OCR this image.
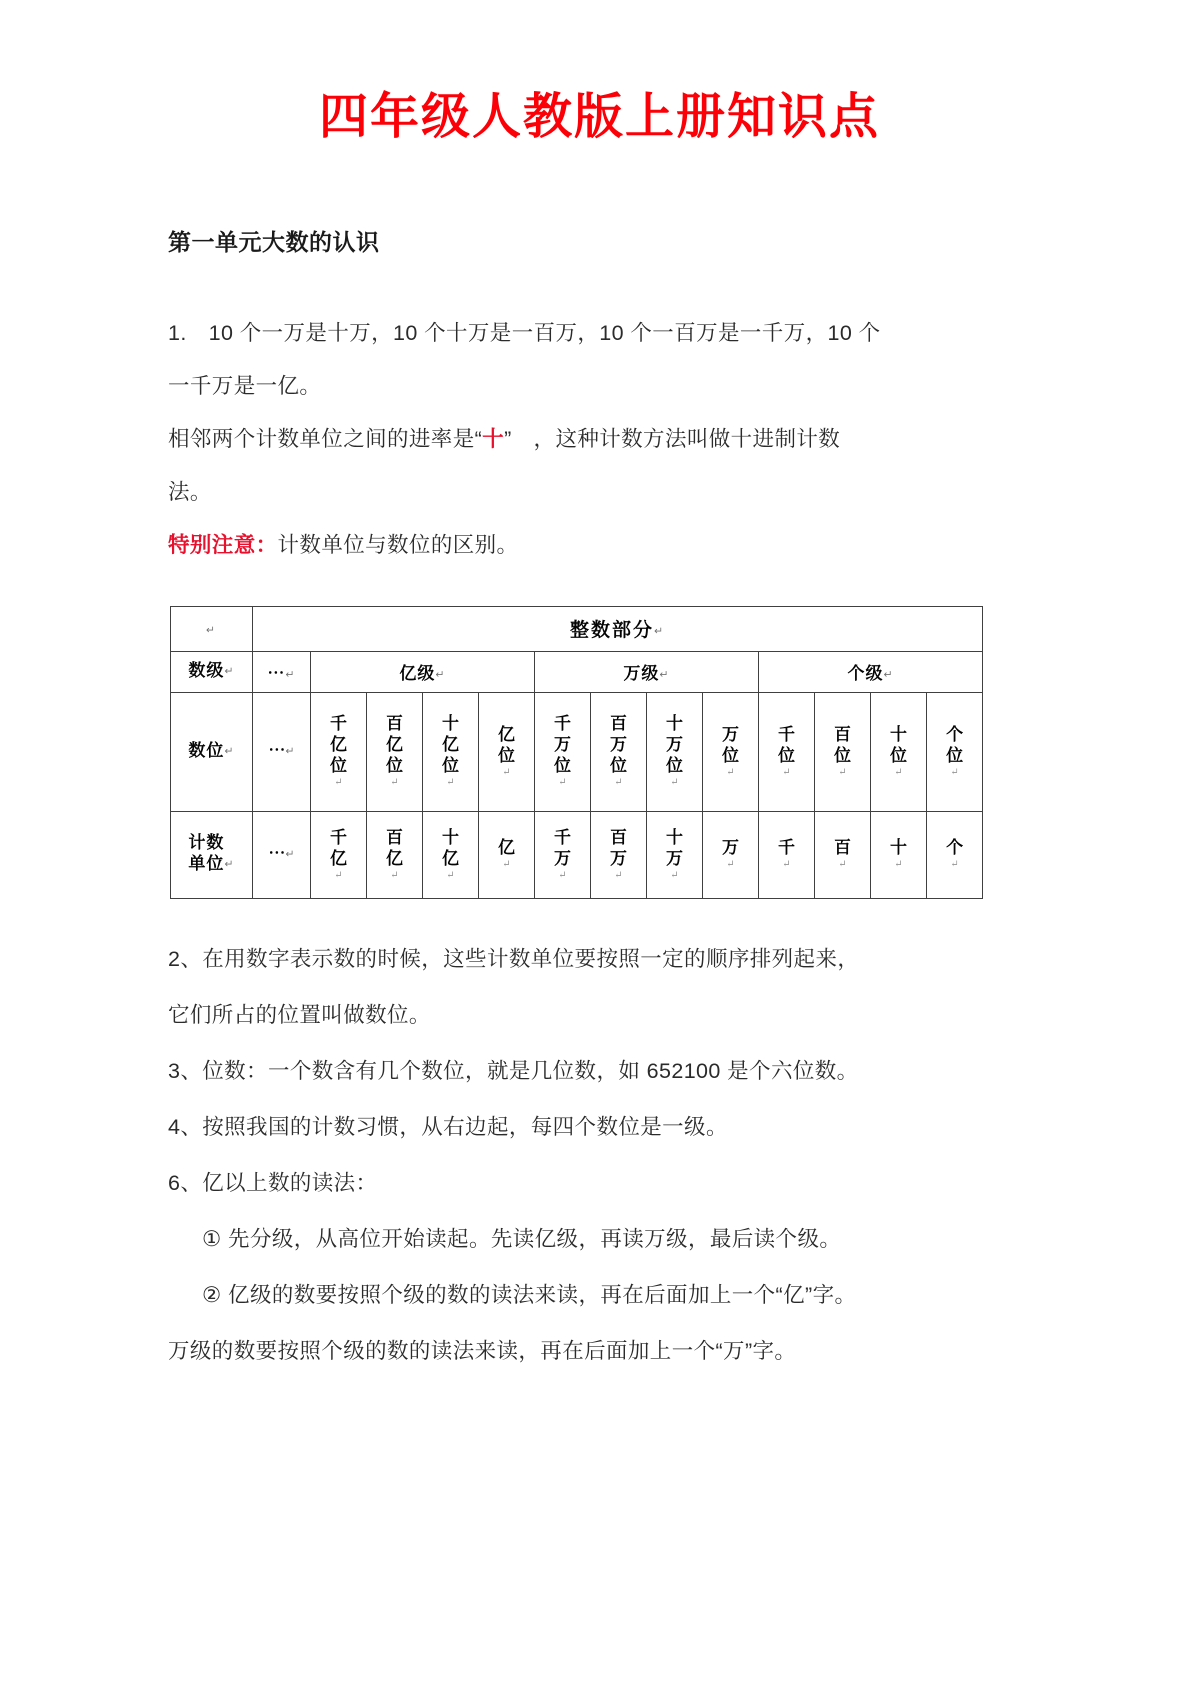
四年级人教版上册知识点
第一单元大数的认识
1.　10 个一万是十万，10 个十万是一百万，10 个一百万是一千万，10 个
一千万是一亿。
相邻两个计数单位之间的进率是“十”　，这种计数方法叫做十进制计数
法。
特别注意：计数单位与数位的区别。
↵	整数部分↵												
数级↵	⋯↵	亿级↵				万级↵				个级↵			
数位↵	⋯↵	千
亿
位
↵	百
亿
位
↵	十
亿
位
↵	亿
位
↵	千
万
位
↵	百
万
位
↵	十
万
位
↵	万
位
↵	千
位
↵	百
位
↵	十
位
↵	个
位
↵

计数
单位 ↵	⋯↵	千
亿
↵	百
亿
↵	十
亿
↵	亿
↵	千
万
↵	百
万
↵	十
万
↵	万
↵	千
↵	百
↵	十
↵	个
↵
2、在用数字表示数的时候，这些计数单位要按照一定的顺序排列起来，
它们所占的位置叫做数位。
3、位数：一个数含有几个数位，就是几位数，如 652100 是个六位数。
4、按照我国的计数习惯，从右边起，每四个数位是一级。
6、亿以上数的读法：
① 先分级，从高位开始读起。先读亿级，再读万级，最后读个级。
② 亿级的数要按照个级的数的读法来读，再在后面加上一个“亿”字。
万级的数要按照个级的数的读法来读，再在后面加上一个“万”字。
